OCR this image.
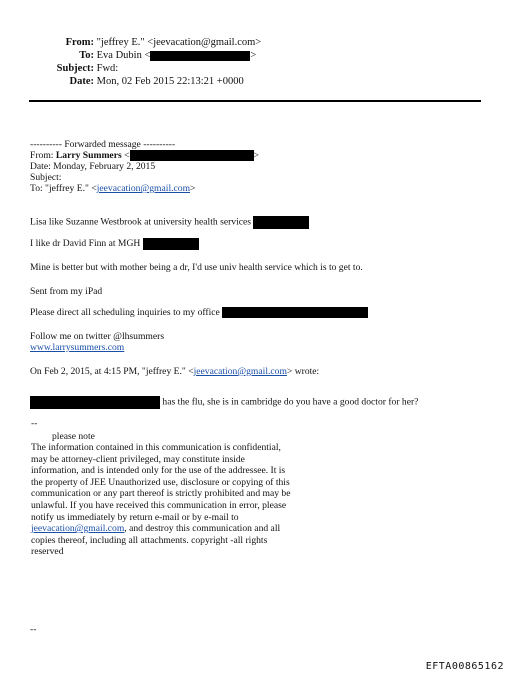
From: "jeffrey E." <jeevacation@gmail.com>
To: Eva Dubin <	>
Subject: Fwd:
Date: Mon, 02 Feb 2015 22:13:21 +0000
---------- Forwarded message ----------
From: Larry Summers <	>
Date: Monday, February 2, 2015
Subject:
To: "jeffrey E." <jeevacation@gmail.com>
Lisa like Suzanne Westbrook at university health services
I like dr David Finn at MGH
Mine is better but with mother being a dr, I'd use univ health service which is to get to.
Sent from my iPad
Please direct all scheduling inquiries to my office
Follow me on twitter @lhsummers
www.larrysummers.com
On Feb 2, 2015, at 4:15 PM, "jeffrey E." <jeevacation@gmail.com> wrote:
has the flu, she is in cambridge do you have a good doctor for her?
--
please note
The information contained in this communication is confidential, may be attorney-client privileged, may constitute inside information, and is intended only for the use of the addressee. It is the property of JEE Unauthorized use, disclosure or copying of this communication or any part thereof is strictly prohibited and may be unlawful. If you have received this communication in error, please notify us immediately by return e-mail or by e-mail to jeevacation@gmail.com, and destroy this communication and all copies thereof, including all attachments. copyright -all rights reserved
--
EFTA00865162
